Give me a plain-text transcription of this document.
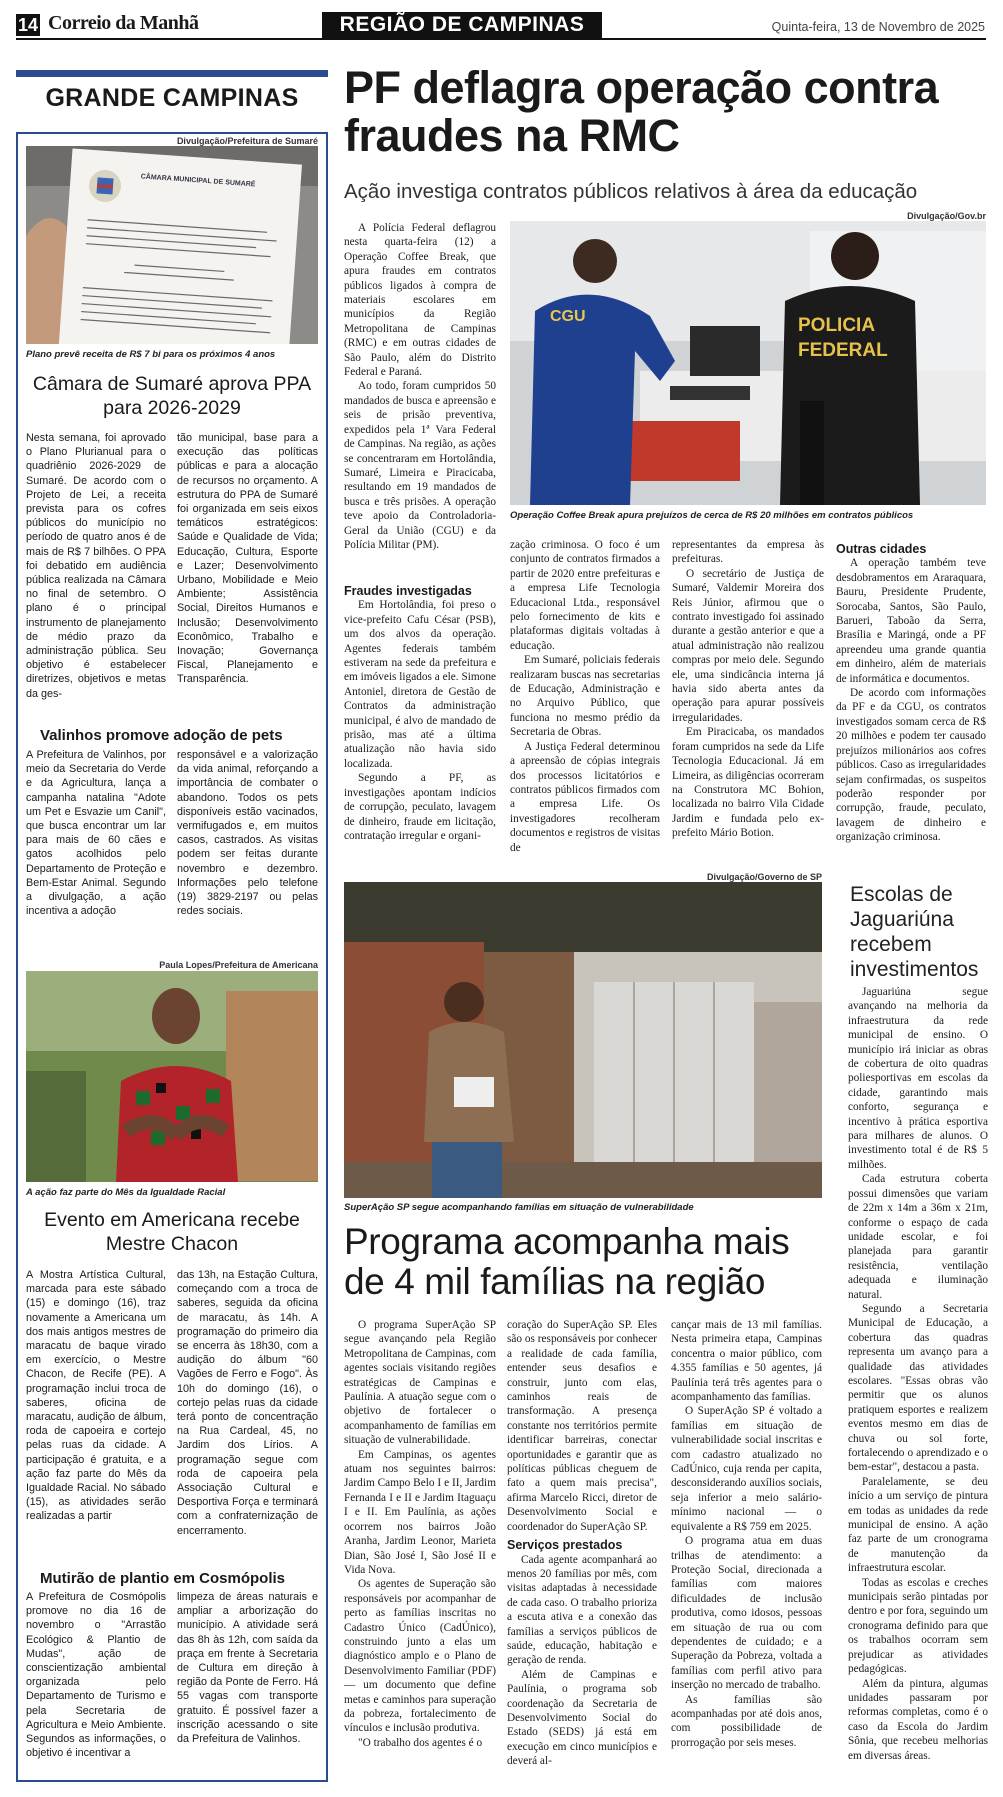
14 Correio da Manhã	REGIÃO DE CAMPINAS	Quinta-feira, 13 de Novembro de 2025
GRANDE CAMPINAS
Divulgação/Prefeitura de Sumaré
CÂMARA MUNICIPAL DE SUMARÉ
Plano prevê receita de R$ 7 bi para os próximos 4 anos
Câmara de Sumaré aprova PPA para 2026-2029
Nesta semana, foi aprovado o Plano Plurianual para o quadriênio 2026-2029 de Sumaré. De acordo com o Projeto de Lei, a receita prevista para os cofres públicos do município no período de quatro anos é de mais de R$ 7 bilhões. O PPA foi debatido em audiência pública realizada na Câmara no final de setembro. O plano é o principal instrumento de planejamento de médio prazo da administração pública. Seu objetivo é estabelecer diretrizes, objetivos e metas da ges-
tão municipal, base para a execução das políticas públicas e para a alocação de recursos no orçamento. A estrutura do PPA de Sumaré foi organizada em seis eixos temáticos estratégicos: Saúde e Qualidade de Vida; Educação, Cultura, Esporte e Lazer; Desenvolvimento Urbano, Mobilidade e Meio Ambiente; Assistência Social, Direitos Humanos e Inclusão; Desenvolvimento Econômico, Trabalho e Inovação; Governança Fiscal, Planejamento e Transparência.
Valinhos promove adoção de pets
A Prefeitura de Valinhos, por meio da Secretaria do Verde e da Agricultura, lança a campanha natalina "Adote um Pet e Esvazie um Canil", que busca encontrar um lar para mais de 60 cães e gatos acolhidos pelo Departamento de Proteção e Bem-Estar Animal. Segundo a divulgação, a ação incentiva a adoção
responsável e a valorização da vida animal, reforçando a importância de combater o abandono. Todos os pets disponíveis estão vacinados, vermifugados e, em muitos casos, castrados. As visitas podem ser feitas durante novembro e dezembro. Informações pelo telefone (19) 3829-2197 ou pelas redes sociais.
Paula Lopes/Prefeitura de Americana
A ação faz parte do Mês da Igualdade Racial
Evento em Americana recebe Mestre Chacon
A Mostra Artística Cultural, marcada para este sábado (15) e domingo (16), traz novamente a Americana um dos mais antigos mestres de maracatu de baque virado em exercício, o Mestre Chacon, de Recife (PE). A programação inclui troca de saberes, oficina de maracatu, audição de álbum, roda de capoeira e cortejo pelas ruas da cidade. A participação é gratuita, e a ação faz parte do Mês da Igualdade Racial. No sábado (15), as atividades serão realizadas a partir
das 13h, na Estação Cultura, começando com a troca de saberes, seguida da oficina de maracatu, às 14h. A programação do primeiro dia se encerra às 18h30, com a audição do álbum "60 Vagões de Ferro e Fogo". Às 10h do domingo (16), o cortejo pelas ruas da cidade terá ponto de concentração na Rua Cardeal, 45, no Jardim dos Lírios. A programação segue com roda de capoeira pela Associação Cultural e Desportiva Força e terminará com a confraternização de encerramento.
Mutirão de plantio em Cosmópolis
A Prefeitura de Cosmópolis promove no dia 16 de novembro o "Arrastão Ecológico & Plantio de Mudas", ação de conscientização ambiental organizada pelo Departamento de Turismo e pela Secretaria de Agricultura e Meio Ambiente. Segundos as informações, o objetivo é incentivar a
limpeza de áreas naturais e ampliar a arborização do município. A atividade será das 8h às 12h, com saída da praça em frente à Secretaria de Cultura em direção à região da Ponte de Ferro. Há 55 vagas com transporte gratuito. É possível fazer a inscrição acessando o site da Prefeitura de Valinhos.
PF deflagra operação contra fraudes na RMC
Ação investiga contratos públicos relativos à área da educação
Divulgação/Gov.br
CGU	POLICIA
FEDERAL
Operação Coffee Break apura prejuízos de cerca de R$ 20 milhões em contratos públicos

A Polícia Federal deflagrou nesta quarta-feira (12) a Operação Coffee Break, que apura fraudes em contratos públicos ligados à compra de materiais escolares em municípios da Região Metropolitana de Campinas (RMC) e em outras cidades de São Paulo, além do Distrito Federal e Paraná.

Ao todo, foram cumpridos 50 mandados de busca e apreensão e seis de prisão preventiva, expedidos pela 1ª Vara Federal de Campinas. Na região, as ações se concentraram em Hortolândia, Sumaré, Limeira e Piracicaba, resultando em 19 mandados de busca e três prisões. A operação teve apoio da Controladoria-Geral da União (CGU) e da Polícia Militar (PM).

Fraudes investigadas

Em Hortolândia, foi preso o vice-prefeito Cafu César (PSB), um dos alvos da operação. Agentes federais também estiveram na sede da prefeitura e em imóveis ligados a ele. Simone Antoniel, diretora de Gestão de Contratos da administração municipal, é alvo de mandado de prisão, mas até a última atualização não havia sido localizada.

Segundo a PF, as investigações apontam indícios de corrupção, peculato, lavagem de dinheiro, fraude em licitação, contratação irregular e organi-

zação criminosa. O foco é um conjunto de contratos firmados a partir de 2020 entre prefeituras e a empresa Life Tecnologia Educacional Ltda., responsável pelo fornecimento de kits e plataformas digitais voltadas à educação.

Em Sumaré, policiais federais realizaram buscas nas secretarias de Educação, Administração e no Arquivo Público, que funciona no mesmo prédio da Secretaria de Obras.

A Justiça Federal determinou a apreensão de cópias integrais dos processos licitatórios e contratos públicos firmados com a empresa Life. Os investigadores recolheram documentos e registros de visitas de

representantes da empresa às prefeituras.

O secretário de Justiça de Sumaré, Valdemir Moreira dos Reis Júnior, afirmou que o contrato investigado foi assinado durante a gestão anterior e que a atual administração não realizou compras por meio dele. Segundo ele, uma sindicância interna já havia sido aberta antes da operação para apurar possíveis irregularidades.

Em Piracicaba, os mandados foram cumpridos na sede da Life Tecnologia Educacional. Já em Limeira, as diligências ocorreram na Construtora MC Bohion, localizada no bairro Vila Cidade Jardim e fundada pelo ex-prefeito Mário Botion.

Outras cidades

A operação também teve desdobramentos em Araraquara, Bauru, Presidente Prudente, Sorocaba, Santos, São Paulo, Barueri, Taboão da Serra, Brasília e Maringá, onde a PF apreendeu uma grande quantia em dinheiro, além de materiais de informática e documentos.

De acordo com informações da PF e da CGU, os contratos investigados somam cerca de R$ 20 milhões e podem ter causado prejuízos milionários aos cofres públicos. Caso as irregularidades sejam confirmadas, os suspeitos poderão responder por corrupção, fraude, peculato, lavagem de dinheiro e organização criminosa.

Divulgação/Governo de SP
SuperAção SP segue acompanhando famílias em situação de vulnerabilidade
Programa acompanha mais de 4 mil famílias na região

O programa SuperAção SP segue avançando pela Região Metropolitana de Campinas, com agentes sociais visitando regiões estratégicas de Campinas e Paulínia. A atuação segue com o objetivo de fortalecer o acompanhamento de famílias em situação de vulnerabilidade.

Em Campinas, os agentes atuam nos seguintes bairros: Jardim Campo Belo I e II, Jardim Fernanda I e II e Jardim Itaguaçu I e II. Em Paulínia, as ações ocorrem nos bairros João Aranha, Jardim Leonor, Marieta Dian, São José I, São José II e Vida Nova.

Os agentes de Superação são responsáveis por acompanhar de perto as famílias inscritas no Cadastro Único (CadÚnico), construindo junto a elas um diagnóstico amplo e o Plano de Desenvolvimento Familiar (PDF) — um documento que define metas e caminhos para superação da pobreza, fortalecimento de vínculos e inclusão produtiva.

"O trabalho dos agentes é o

coração do SuperAção SP. Eles são os responsáveis por conhecer a realidade de cada família, entender seus desafios e construir, junto com elas, caminhos reais de transformação. A presença constante nos territórios permite identificar barreiras, conectar oportunidades e garantir que as políticas públicas cheguem de fato a quem mais precisa", afirma Marcelo Ricci, diretor de Desenvolvimento Social e coordenador do SuperAção SP.

Serviços prestados

Cada agente acompanhará ao menos 20 famílias por mês, com visitas adaptadas à necessidade de cada caso. O trabalho prioriza a escuta ativa e a conexão das famílias a serviços públicos de saúde, educação, habitação e geração de renda.

Além de Campinas e Paulínia, o programa sob coordenação da Secretaria de Desenvolvimento Social do Estado (SEDS) já está em execução em cinco municípios e deverá al-

cançar mais de 13 mil famílias. Nesta primeira etapa, Campinas concentra o maior público, com 4.355 famílias e 50 agentes, já Paulínia terá três agentes para o acompanhamento das famílias.

O SuperAção SP é voltado a famílias em situação de vulnerabilidade social inscritas e com cadastro atualizado no CadÚnico, cuja renda per capita, desconsiderando auxílios sociais, seja inferior a meio salário-mínimo nacional — o equivalente a R$ 759 em 2025.

O programa atua em duas trilhas de atendimento: a Proteção Social, direcionada a famílias com maiores dificuldades de inclusão produtiva, como idosos, pessoas em situação de rua ou com dependentes de cuidado; e a Superação da Pobreza, voltada a famílias com perfil ativo para inserção no mercado de trabalho.

As famílias são acompanhadas por até dois anos, com possibilidade de prorrogação por seis meses.

Escolas de Jaguariúna recebem investimentos

Jaguariúna segue avançando na melhoria da infraestrutura da rede municipal de ensino. O município irá iniciar as obras de cobertura de oito quadras poliesportivas em escolas da cidade, garantindo mais conforto, segurança e incentivo à prática esportiva para milhares de alunos. O investimento total é de R$ 5 milhões.

Cada estrutura coberta possui dimensões que variam de 22m x 14m a 36m x 21m, conforme o espaço de cada unidade escolar, e foi planejada para garantir resistência, ventilação adequada e iluminação natural.

Segundo a Secretaria Municipal de Educação, a cobertura das quadras representa um avanço para a qualidade das atividades escolares. "Essas obras vão permitir que os alunos pratiquem esportes e realizem eventos mesmo em dias de chuva ou sol forte, fortalecendo o aprendizado e o bem-estar", destacou a pasta.

Paralelamente, se deu início a um serviço de pintura em todas as unidades da rede municipal de ensino. A ação faz parte de um cronograma de manutenção da infraestrutura escolar.

Todas as escolas e creches municipais serão pintadas por dentro e por fora, seguindo um cronograma definido para que os trabalhos ocorram sem prejudicar as atividades pedagógicas.

Além da pintura, algumas unidades passaram por reformas completas, como é o caso da Escola do Jardim Sônia, que recebeu melhorias em diversas áreas.
